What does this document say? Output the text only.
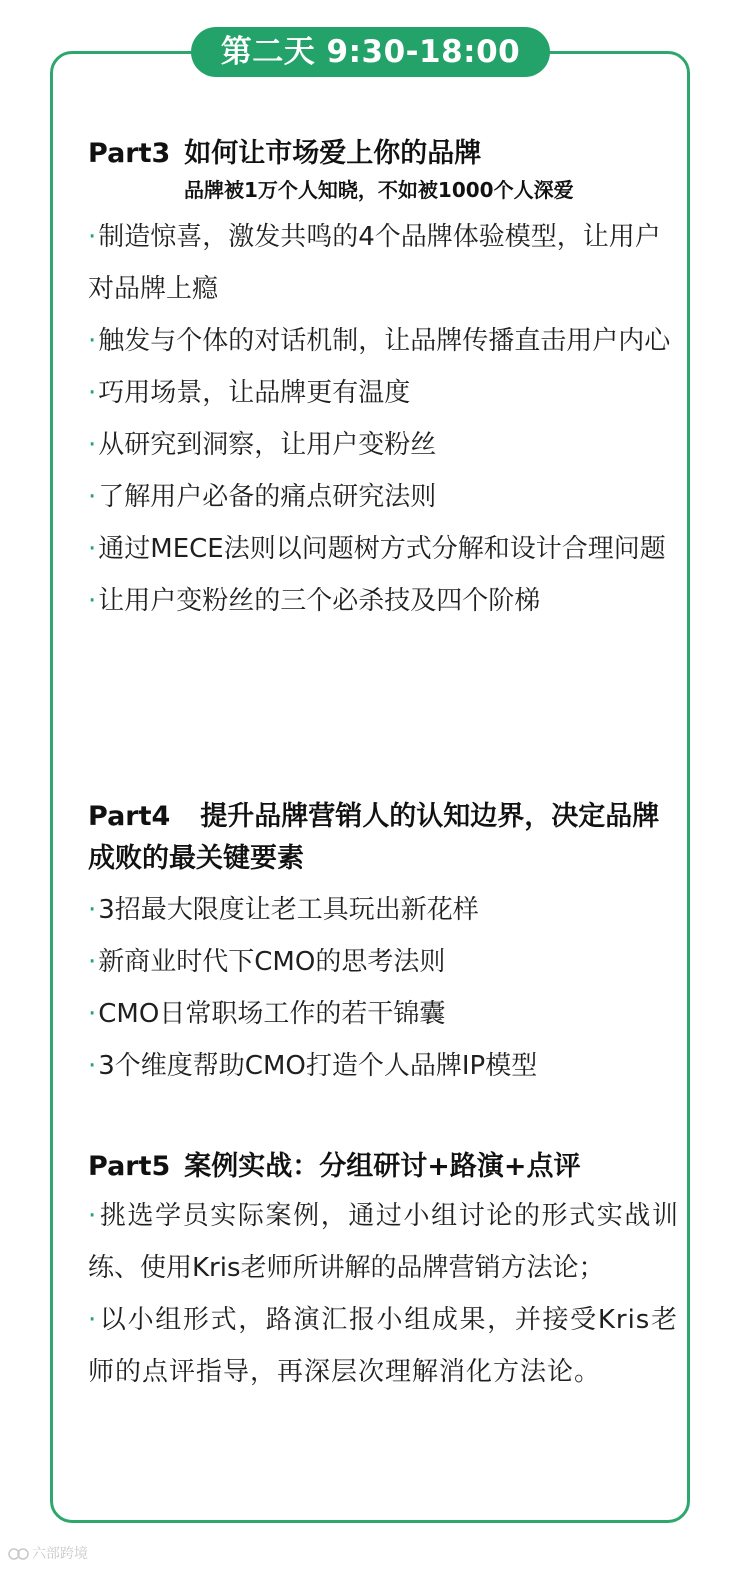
第二天 9:30-18:00

Part3 如何让市场爱上你的品牌

品牌被1万个人知晓，不如被1000个人深爱

·制造惊喜，激发共鸣的4个品牌体验模型，让用户对品牌上瘾

·触发与个体的对话机制，让品牌传播直击用户内心

·巧用场景，让品牌更有温度

·从研究到洞察，让用户变粉丝

·了解用户必备的痛点研究法则

·通过MECE法则以问题树方式分解和设计合理问题

·让用户变粉丝的三个必杀技及四个阶梯

Part4 提升品牌营销人的认知边界，决定品牌成败的最关键要素

·3招最大限度让老工具玩出新花样

·新商业时代下CMO的思考法则

·CMO日常职场工作的若干锦囊

·3个维度帮助CMO打造个人品牌IP模型

Part5 案例实战：分组研讨+路演+点评

·挑选学员实际案例，通过小组讨论的形式实战训练、使用Kris老师所讲解的品牌营销方法论；

·以小组形式，路演汇报小组成果，并接受Kris老师的点评指导，再深层次理解消化方法论。

六部跨境
